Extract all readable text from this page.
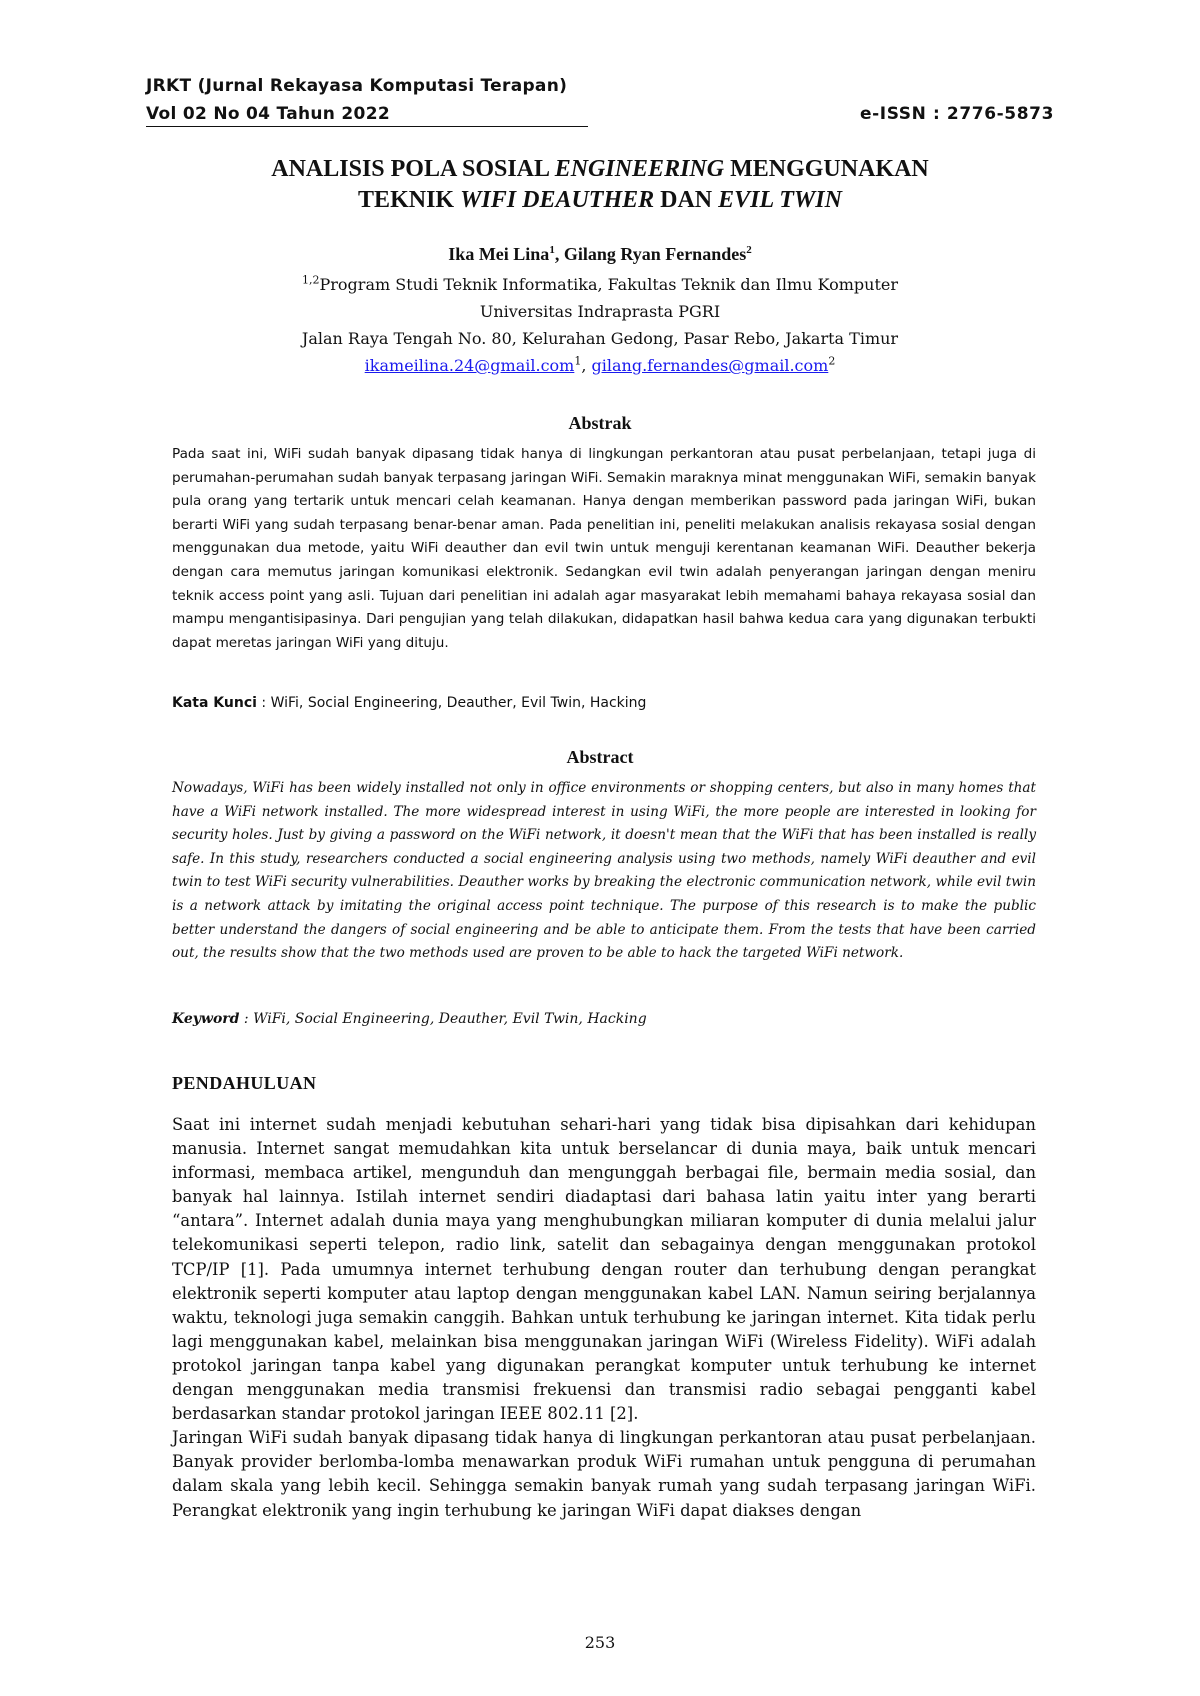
JRKT (Jurnal Rekayasa Komputasi Terapan)
Vol 02 No 04 Tahun 2022	e-ISSN : 2776-5873
ANALISIS POLA SOSIAL ENGINEERING MENGGUNAKAN
TEKNIK WIFI DEAUTHER DAN EVIL TWIN
Ika Mei Lina$^1$, Gilang Ryan Fernandes$^2$
$^{1,2}$Program Studi Teknik Informatika, Fakultas Teknik dan Ilmu Komputer
Universitas Indraprasta PGRI
Jalan Raya Tengah No. 80, Kelurahan Gedong, Pasar Rebo, Jakarta Timur
ikameilina.24@gmail.com$^1$, gilang.fernandes@gmail.com$^2$
Abstrak
Pada saat ini, WiFi sudah banyak dipasang tidak hanya di lingkungan perkantoran atau pusat perbelanjaan, tetapi juga di perumahan-perumahan sudah banyak terpasang jaringan WiFi. Semakin maraknya minat menggunakan WiFi, semakin banyak pula orang yang tertarik untuk mencari celah keamanan. Hanya dengan memberikan password pada jaringan WiFi, bukan berarti WiFi yang sudah terpasang benar-benar aman. Pada penelitian ini, peneliti melakukan analisis rekayasa sosial dengan menggunakan dua metode, yaitu WiFi deauther dan evil twin untuk menguji kerentanan keamanan WiFi. Deauther bekerja dengan cara memutus jaringan komunikasi elektronik. Sedangkan evil twin adalah penyerangan jaringan dengan meniru teknik access point yang asli. Tujuan dari penelitian ini adalah agar masyarakat lebih memahami bahaya rekayasa sosial dan mampu mengantisipasinya. Dari pengujian yang telah dilakukan, didapatkan hasil bahwa kedua cara yang digunakan terbukti dapat meretas jaringan WiFi yang dituju.
Kata Kunci : WiFi, Social Engineering, Deauther, Evil Twin, Hacking
Abstract
Nowadays, WiFi has been widely installed not only in office environments or shopping centers, but also in many homes that have a WiFi network installed. The more widespread interest in using WiFi, the more people are interested in looking for security holes. Just by giving a password on the WiFi network, it doesn't mean that the WiFi that has been installed is really safe. In this study, researchers conducted a social engineering analysis using two methods, namely WiFi deauther and evil twin to test WiFi security vulnerabilities. Deauther works by breaking the electronic communication network, while evil twin is a network attack by imitating the original access point technique. The purpose of this research is to make the public better understand the dangers of social engineering and be able to anticipate them. From the tests that have been carried out, the results show that the two methods used are proven to be able to hack the targeted WiFi network.
Keyword : WiFi, Social Engineering, Deauther, Evil Twin, Hacking
PENDAHULUAN

Saat ini internet sudah menjadi kebutuhan sehari-hari yang tidak bisa dipisahkan dari kehidupan manusia. Internet sangat memudahkan kita untuk berselancar di dunia maya, baik untuk mencari informasi, membaca artikel, mengunduh dan mengunggah berbagai file, bermain media sosial, dan banyak hal lainnya. Istilah internet sendiri diadaptasi dari bahasa latin yaitu inter yang berarti “antara”. Internet adalah dunia maya yang menghubungkan miliaran komputer di dunia melalui jalur telekomunikasi seperti telepon, radio link, satelit dan sebagainya dengan menggunakan protokol TCP/IP [1]. Pada umumnya internet terhubung dengan router dan terhubung dengan perangkat elektronik seperti komputer atau laptop dengan menggunakan kabel LAN. Namun seiring berjalannya waktu, teknologi juga semakin canggih. Bahkan untuk terhubung ke jaringan internet. Kita tidak perlu lagi menggunakan kabel, melainkan bisa menggunakan jaringan WiFi (Wireless Fidelity). WiFi adalah protokol jaringan tanpa kabel yang digunakan perangkat komputer untuk terhubung ke internet dengan menggunakan media transmisi frekuensi dan transmisi radio sebagai pengganti kabel berdasarkan standar protokol jaringan IEEE 802.11 [2].

Jaringan WiFi sudah banyak dipasang tidak hanya di lingkungan perkantoran atau pusat perbelanjaan. Banyak provider berlomba-lomba menawarkan produk WiFi rumahan untuk pengguna di perumahan dalam skala yang lebih kecil. Sehingga semakin banyak rumah yang sudah terpasang jaringan WiFi. Perangkat elektronik yang ingin terhubung ke jaringan WiFi dapat diakses dengan

253
